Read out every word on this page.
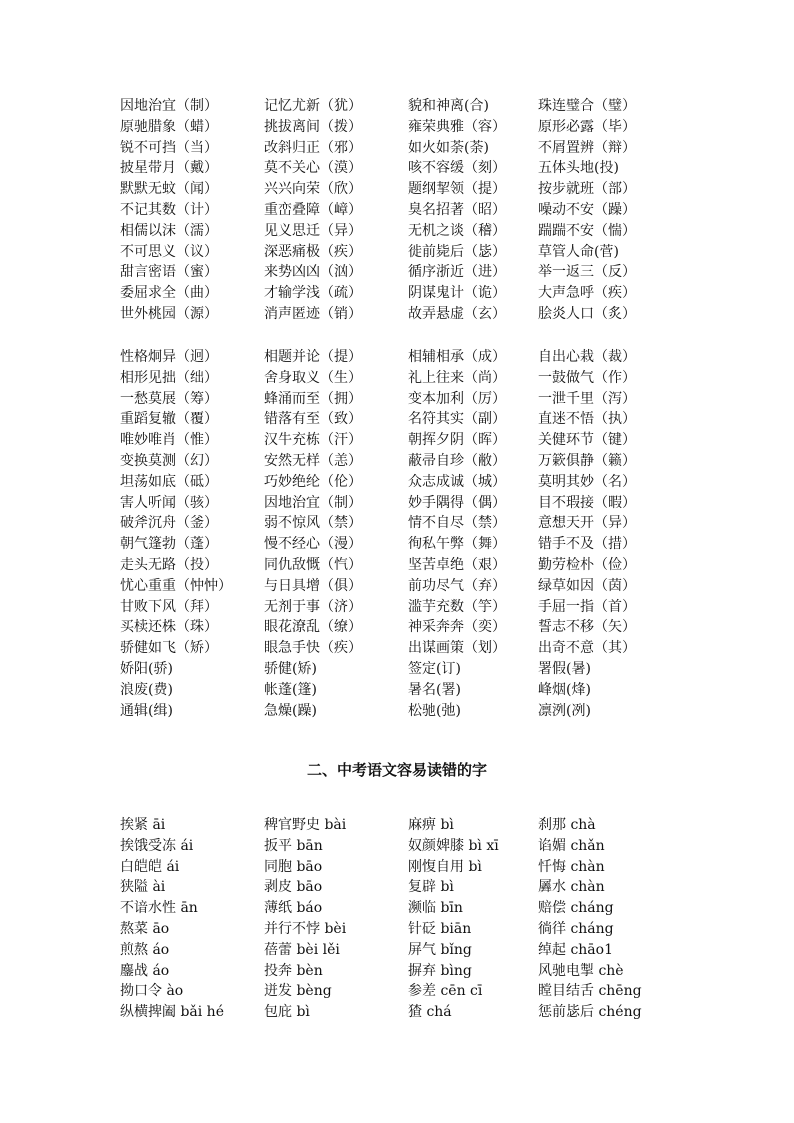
因地治宜（制）	记忆尤新（犹）	貌和神离(合)	珠连璧合（璧）
原驰腊象（蜡）	挑拔离间（拨）	雍荣典雅（容）	原形必露（毕）
锐不可挡（当）	改斜归正（邪）	如火如荼(荼)	不屑置辨（辩）
披星带月（戴）	莫不关心（漠）	咳不容缓（刻）	五体头地(投)
默默无蚊（闻）	兴兴向荣（欣）	题纲挈领（提）	按步就班（部）
不记其数（计）	重峦叠障（嶂）	臭名招著（昭）	噪动不安（躁）
相儒以沫（濡）	见义思迁（异）	无机之谈（稽）	踹踹不安（惴）
不可思义（议）	深恶痛极（疾）	徙前毙后（毖）	草管人命(菅)
甜言密语（蜜）	来势凶凶（汹）	循序浙近（进）	举一返三（反）
委屈求全（曲）	才输学浅（疏）	阴谋鬼计（诡）	大声急呼（疾）
世外桃园（源）	消声匿迹（销）	故弄悬虚（玄）	脍炎人口（炙）
性格炯异（迥）	相题并论（提）	相辅相承（成）	自出心栽（裁）
相形见拙（绌）	舍身取义（生）	礼上往来（尚）	一鼓做气（作）
一愁莫展（筹）	蜂涌而至（拥）	变本加利（厉）	一泄千里（泻）
重蹈复辙（覆）	错落有至（致）	名符其实（副）	直迷不悟（执）
唯妙唯肖（惟）	汉牛充栋（汗）	朝挥夕阴（晖）	关健环节（键）
变换莫测（幻）	安然无样（恙）	蔽帚自珍（敝）	万簌俱静（籁）
坦荡如底（砥）	巧妙绝纶（伦）	众志成诚（城）	莫明其妙（名）
害人听闻（骇）	因地治宜（制）	妙手隅得（偶）	目不瑕接（暇）
破斧沉舟（釜）	弱不惊风（禁）	情不自尽（禁）	意想天开（异）
朝气篷勃（蓬）	慢不经心（漫）	徇私午弊（舞）	错手不及（措）
走头无路（投）	同仇敌慨（忾）	坚苦卓绝（艰）	勤劳检朴（俭）
忧心重重（忡忡）	与日具增（俱）	前功尽气（弃）	绿草如因（茵）
甘败下风（拜）	无剂于事（济）	滥芋充数（竽）	手屈一指（首）
买椟还株（珠）	眼花潦乱（缭）	神采奔奔（奕）	誓志不移（矢）
骄健如飞（矫）	眼急手快（疾）	出谋画策（划）	出奇不意（其）
娇阳(骄)	骄健(矫)	签定(订)	署假(暑)
浪废(费)	帐蓬(篷)	暑名(署)	峰烟(烽)
通辑(缉)	急燥(躁)	松驰(弛)	凛洌(冽)
二、中考语文容易读错的字
挨紧 āi	稗官野史 bài	麻痹 bì	刹那 chà
挨饿受冻 ái	扳平 bān	奴颜婢膝 bì xī	谄媚 chǎn
白皑皑 ái	同胞 bāo	刚愎自用 bì	忏悔 chàn
狭隘 ài	剥皮 bāo	复辟 bì	羼水 chàn
不谙水性 ān	薄纸 báo	濒临 bīn	赔偿 cháng
熬菜 āo	并行不悖 bèi	针砭 biān	徜徉 cháng
煎熬 áo	蓓蕾 bèi lěi	屏气 bǐng	绰起 chāo1
鏖战 áo	投奔 bèn	摒弃 bìng	风驰电掣 chè
拗口令 ào	迸发 bèng	参差 cēn cī	瞠目结舌 chēng
纵横捭阖 bǎi hé	包庇 bì	猹 chá	惩前毖后 chéng
